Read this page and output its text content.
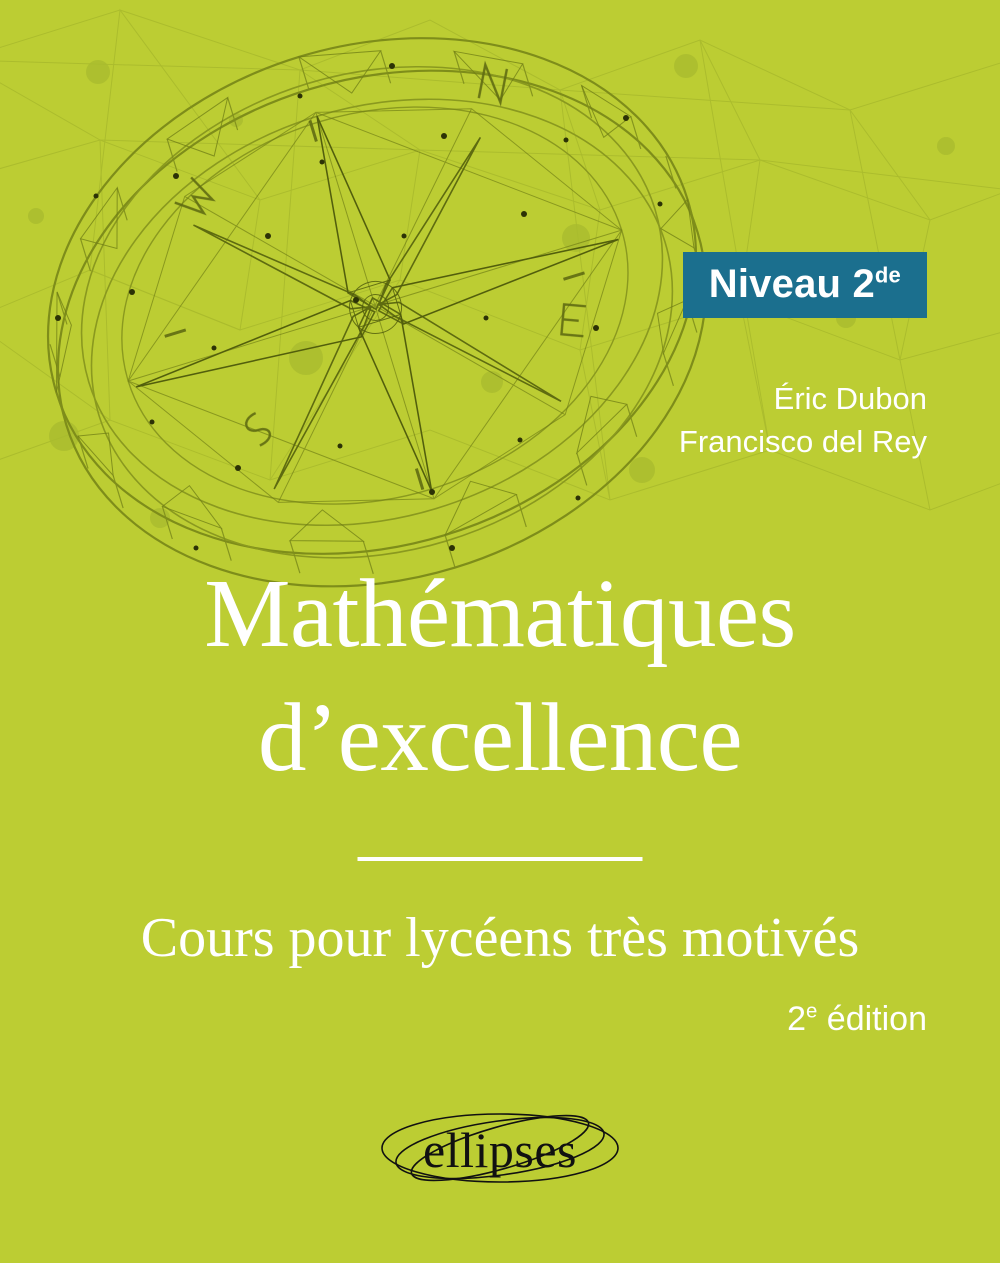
Niveau 2de
Éric Dubon
Francisco del Rey
Mathématiques
d’excellence
Cours pour lycéens très motivés
2e édition
ellipses
